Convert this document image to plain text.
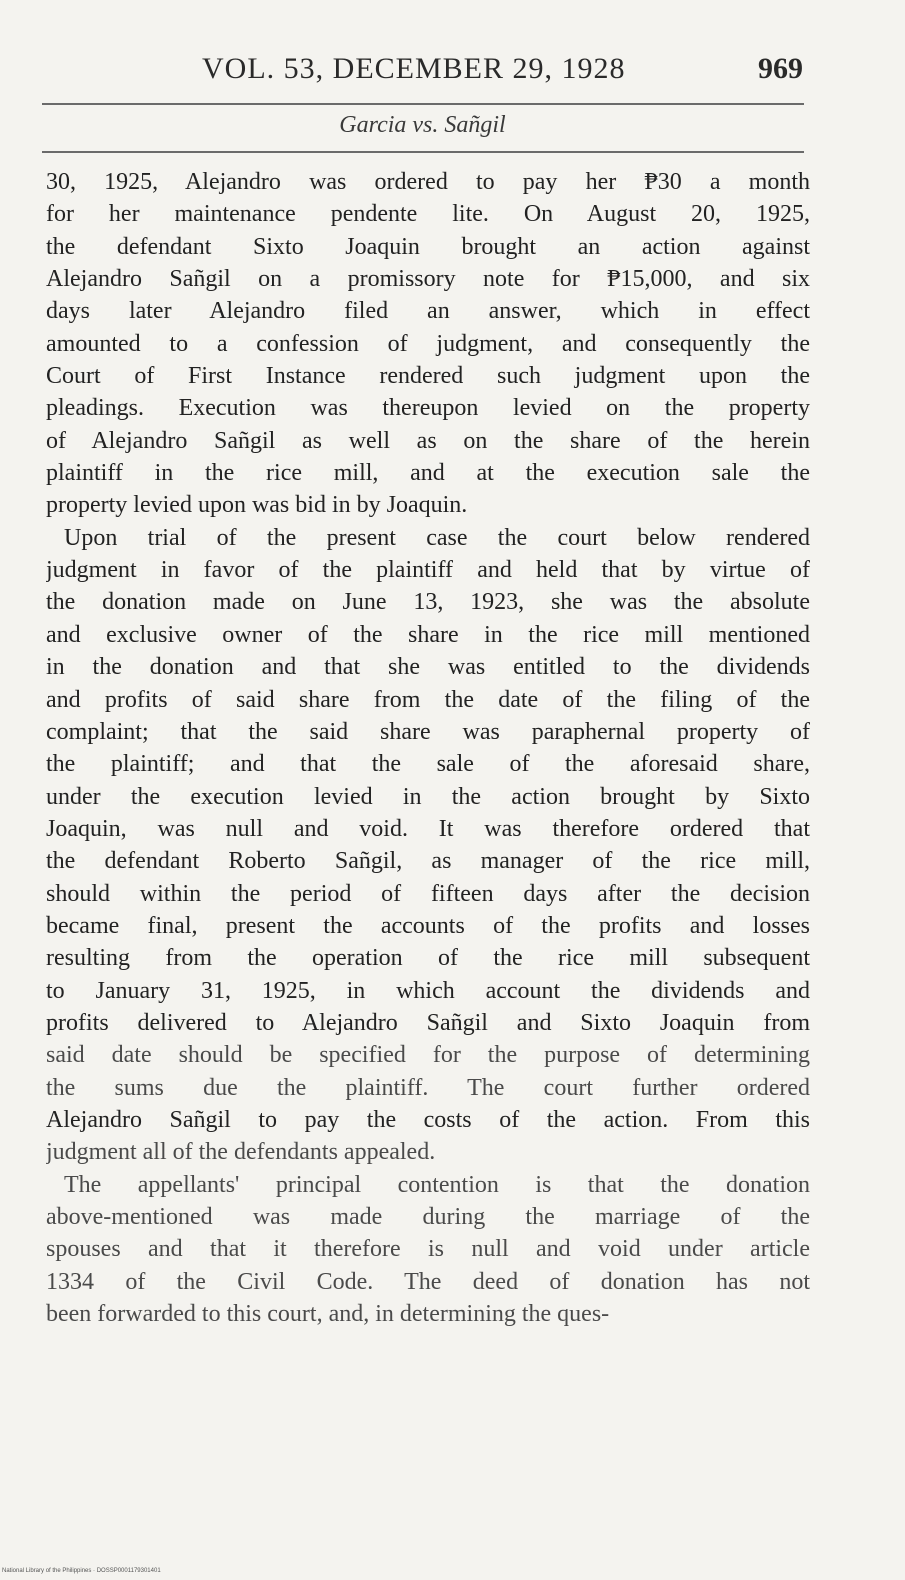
VOL. 53, DECEMBER 29, 1928	969
Garcia vs. Sañgil
30, 1925, Alejandro was ordered to pay her ₱30 a month
for her maintenance pendente lite. On August 20, 1925,
the defendant Sixto Joaquin brought an action against
Alejandro Sañgil on a promissory note for ₱15,000, and six
days later Alejandro filed an answer, which in effect
amounted to a confession of judgment, and consequently the
Court of First Instance rendered such judgment upon the
pleadings. Execution was thereupon levied on the property
of Alejandro Sañgil as well as on the share of the herein
plaintiff in the rice mill, and at the execution sale the
property levied upon was bid in by Joaquin.
Upon trial of the present case the court below rendered
judgment in favor of the plaintiff and held that by virtue of
the donation made on June 13, 1923, she was the absolute
and exclusive owner of the share in the rice mill mentioned
in the donation and that she was entitled to the dividends
and profits of said share from the date of the filing of the
complaint; that the said share was paraphernal property of
the plaintiff; and that the sale of the aforesaid share,
under the execution levied in the action brought by Sixto
Joaquin, was null and void. It was therefore ordered that
the defendant Roberto Sañgil, as manager of the rice mill,
should within the period of fifteen days after the decision
became final, present the accounts of the profits and losses
resulting from the operation of the rice mill subsequent
to January 31, 1925, in which account the dividends and
profits delivered to Alejandro Sañgil and Sixto Joaquin from
said date should be specified for the purpose of determining
the sums due the plaintiff. The court further ordered
Alejandro Sañgil to pay the costs of the action. From this
judgment all of the defendants appealed.
The appellants' principal contention is that the donation
above-mentioned was made during the marriage of the
spouses and that it therefore is null and void under article
1334 of the Civil Code. The deed of donation has not
been forwarded to this court, and, in determining the ques-
National Library of the Philippines · DOSSP0001179301401
